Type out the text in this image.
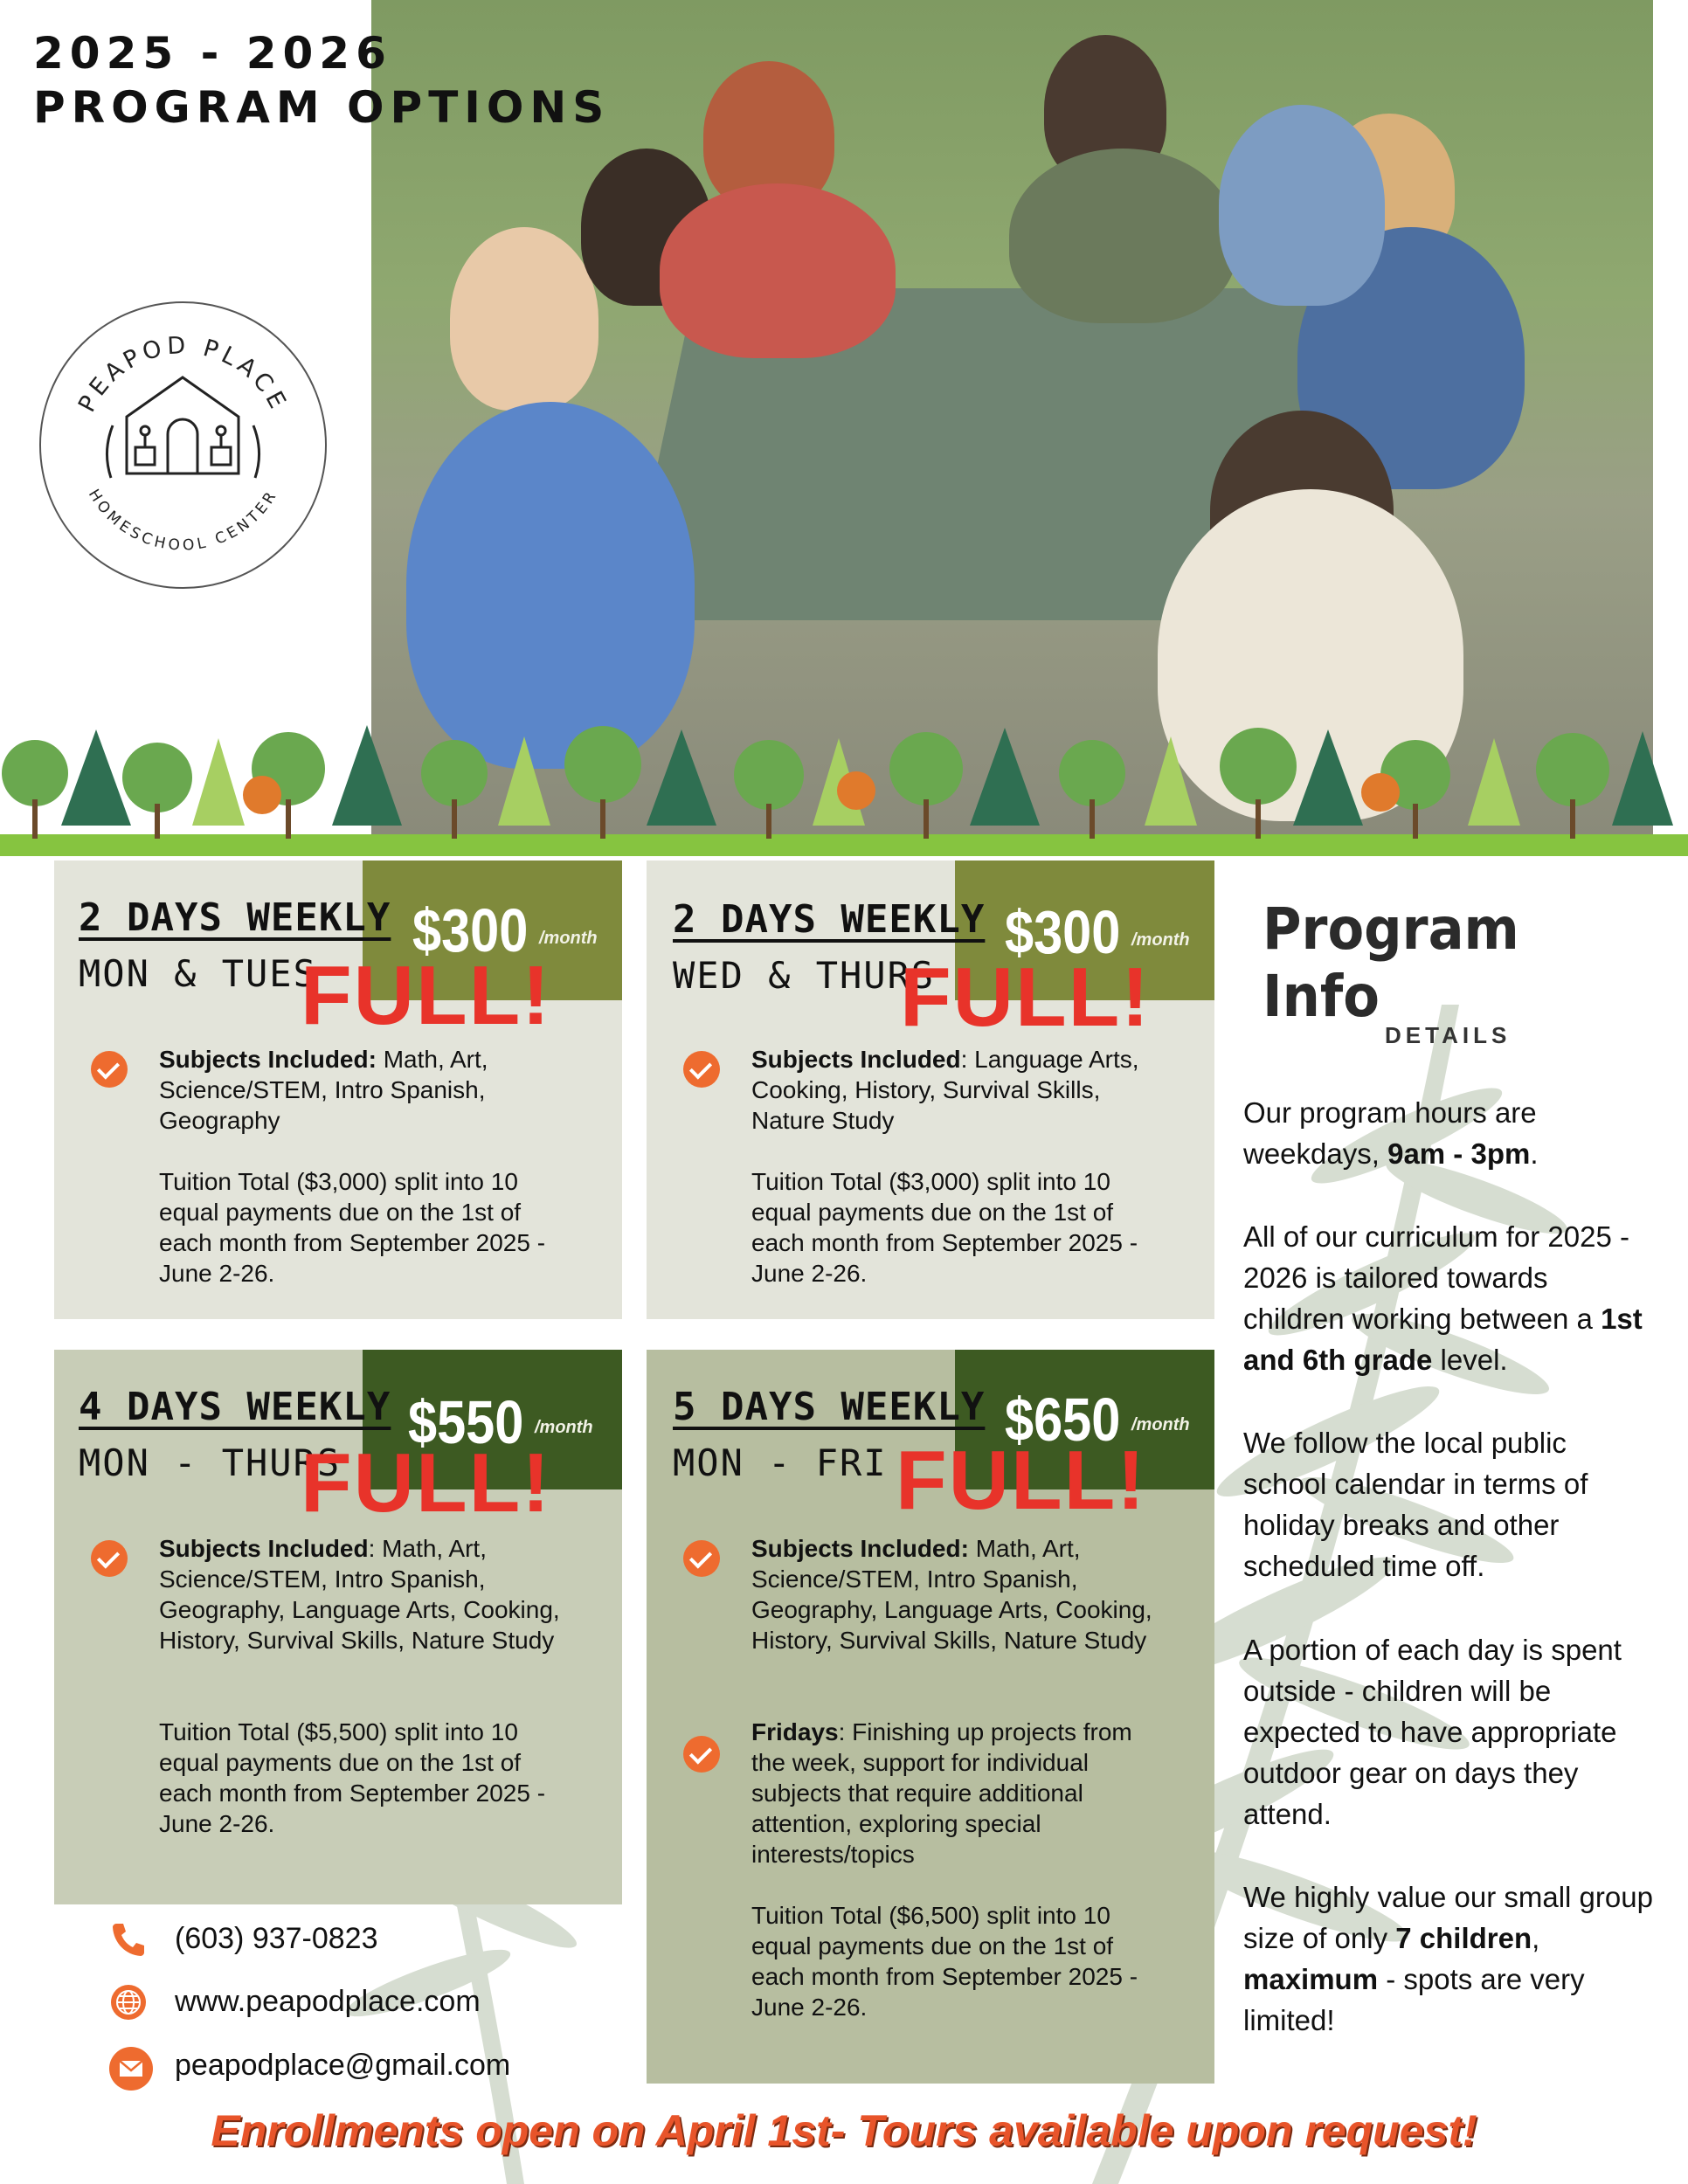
2025 - 2026
PROGRAM OPTIONS
PEAPOD PLACE
HOMESCHOOL CENTER
2 DAYS WEEKLY
MON & TUES
$300 /month
FULL!
Subjects Included: Math, Art, Science/STEM, Intro Spanish, Geography
Tuition Total ($3,000) split into 10 equal payments due on the 1st of each month from September 2025 - June 2-26.
2 DAYS WEEKLY
WED & THURS
$300 /month
FULL!
Subjects Included: Language Arts, Cooking, History, Survival Skills, Nature Study
Tuition Total ($3,000) split into 10 equal payments due on the 1st of each month from September 2025 - June 2-26.
4 DAYS WEEKLY
MON - THURS
$550 /month
FULL!
Subjects Included: Math, Art, Science/STEM, Intro Spanish, Geography, Language Arts, Cooking, History, Survival Skills, Nature Study
Tuition Total ($5,500) split into 10 equal payments due on the 1st of each month from September 2025 - June 2-26.
5 DAYS WEEKLY
MON - FRI
$650 /month
FULL!
Subjects Included: Math, Art, Science/STEM, Intro Spanish, Geography, Language Arts, Cooking, History, Survival Skills, Nature Study
Fridays: Finishing up projects from the week, support for individual subjects that require additional attention, exploring special interests/topics
Tuition Total ($6,500) split into 10 equal payments due on the 1st of each month from September 2025 - June 2-26.
Program Info
DETAILS
Our program hours are weekdays, 9am - 3pm.
All of our curriculum for 2025 - 2026 is tailored towards children working between a 1st and 6th grade level.
We follow the local public school calendar in terms of holiday breaks and other scheduled time off.
A portion of each day is spent outside - children will be expected to have appropriate outdoor gear on days they attend.
We highly value our small group size of only 7 children, maximum - spots are very limited!
(603) 937-0823
www.peapodplace.com
peapodplace@gmail.com
Enrollments open on April 1st- Tours available upon request!
